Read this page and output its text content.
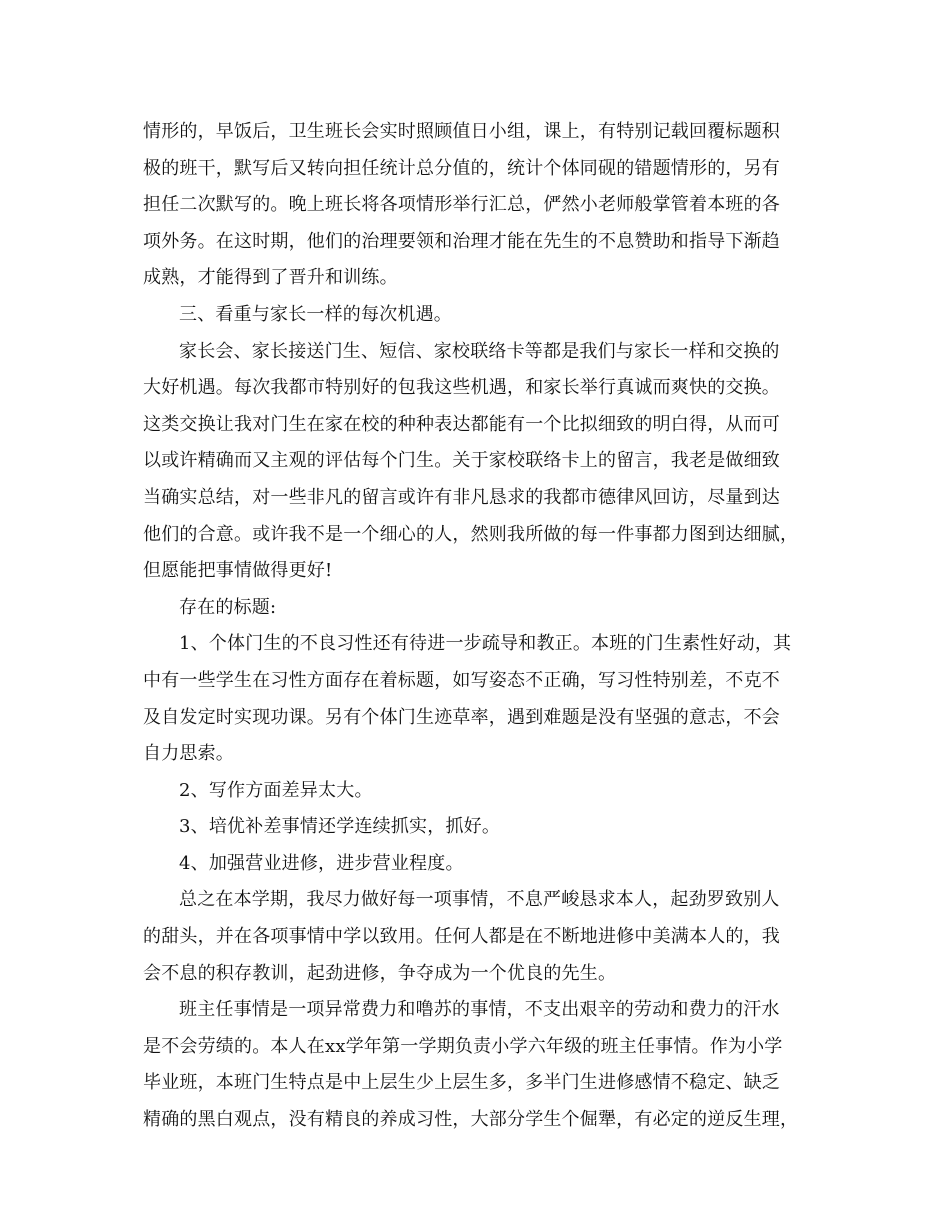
情形的，早饭后，卫生班长会实时照顾值日小组，课上，有特别记载回覆标题积
极的班干，默写后又转向担任统计总分值的，统计个体同砚的错题情形的，另有
担任二次默写的。晚上班长将各项情形举行汇总，俨然小老师般掌管着本班的各
项外务。在这时期，他们的治理要领和治理才能在先生的不息赞助和指导下渐趋
成熟，才能得到了晋升和训练。
三、看重与家长一样的每次机遇。
家长会、家长接送门生、短信、家校联络卡等都是我们与家长一样和交换的
大好机遇。每次我都市特别好的包我这些机遇，和家长举行真诚而爽快的交换。
这类交换让我对门生在家在校的种种表达都能有一个比拟细致的明白得，从而可
以或许精确而又主观的评估每个门生。关于家校联络卡上的留言，我老是做细致
当确实总结，对一些非凡的留言或许有非凡恳求的我都市德律风回访，尽量到达
他们的合意。或许我不是一个细心的人，然则我所做的每一件事都力图到达细腻，
但愿能把事情做得更好!
存在的标题:
1、个体门生的不良习性还有待进一步疏导和教正。本班的门生素性好动，其
中有一些学生在习性方面存在着标题，如写姿态不正确，写习性特别差，不克不
及自发定时实现功课。另有个体门生迹草率，遇到难题是没有坚强的意志，不会
自力思索。
2、写作方面差异太大。
3、培优补差事情还学连续抓实，抓好。
4、加强营业进修，进步营业程度。
总之在本学期，我尽力做好每一项事情，不息严峻恳求本人，起劲罗致别人
的甜头，并在各项事情中学以致用。任何人都是在不断地进修中美满本人的，我
会不息的积存教训，起劲进修，争夺成为一个优良的先生。
班主任事情是一项异常费力和噜苏的事情，不支出艰辛的劳动和费力的汗水
是不会劳绩的。本人在xx学年第一学期负责小学六年级的班主任事情。作为小学
毕业班，本班门生特点是中上层生少上层生多，多半门生进修感情不稳定、缺乏
精确的黑白观点，没有精良的养成习性，大部分学生个倔犟，有必定的逆反生理，
